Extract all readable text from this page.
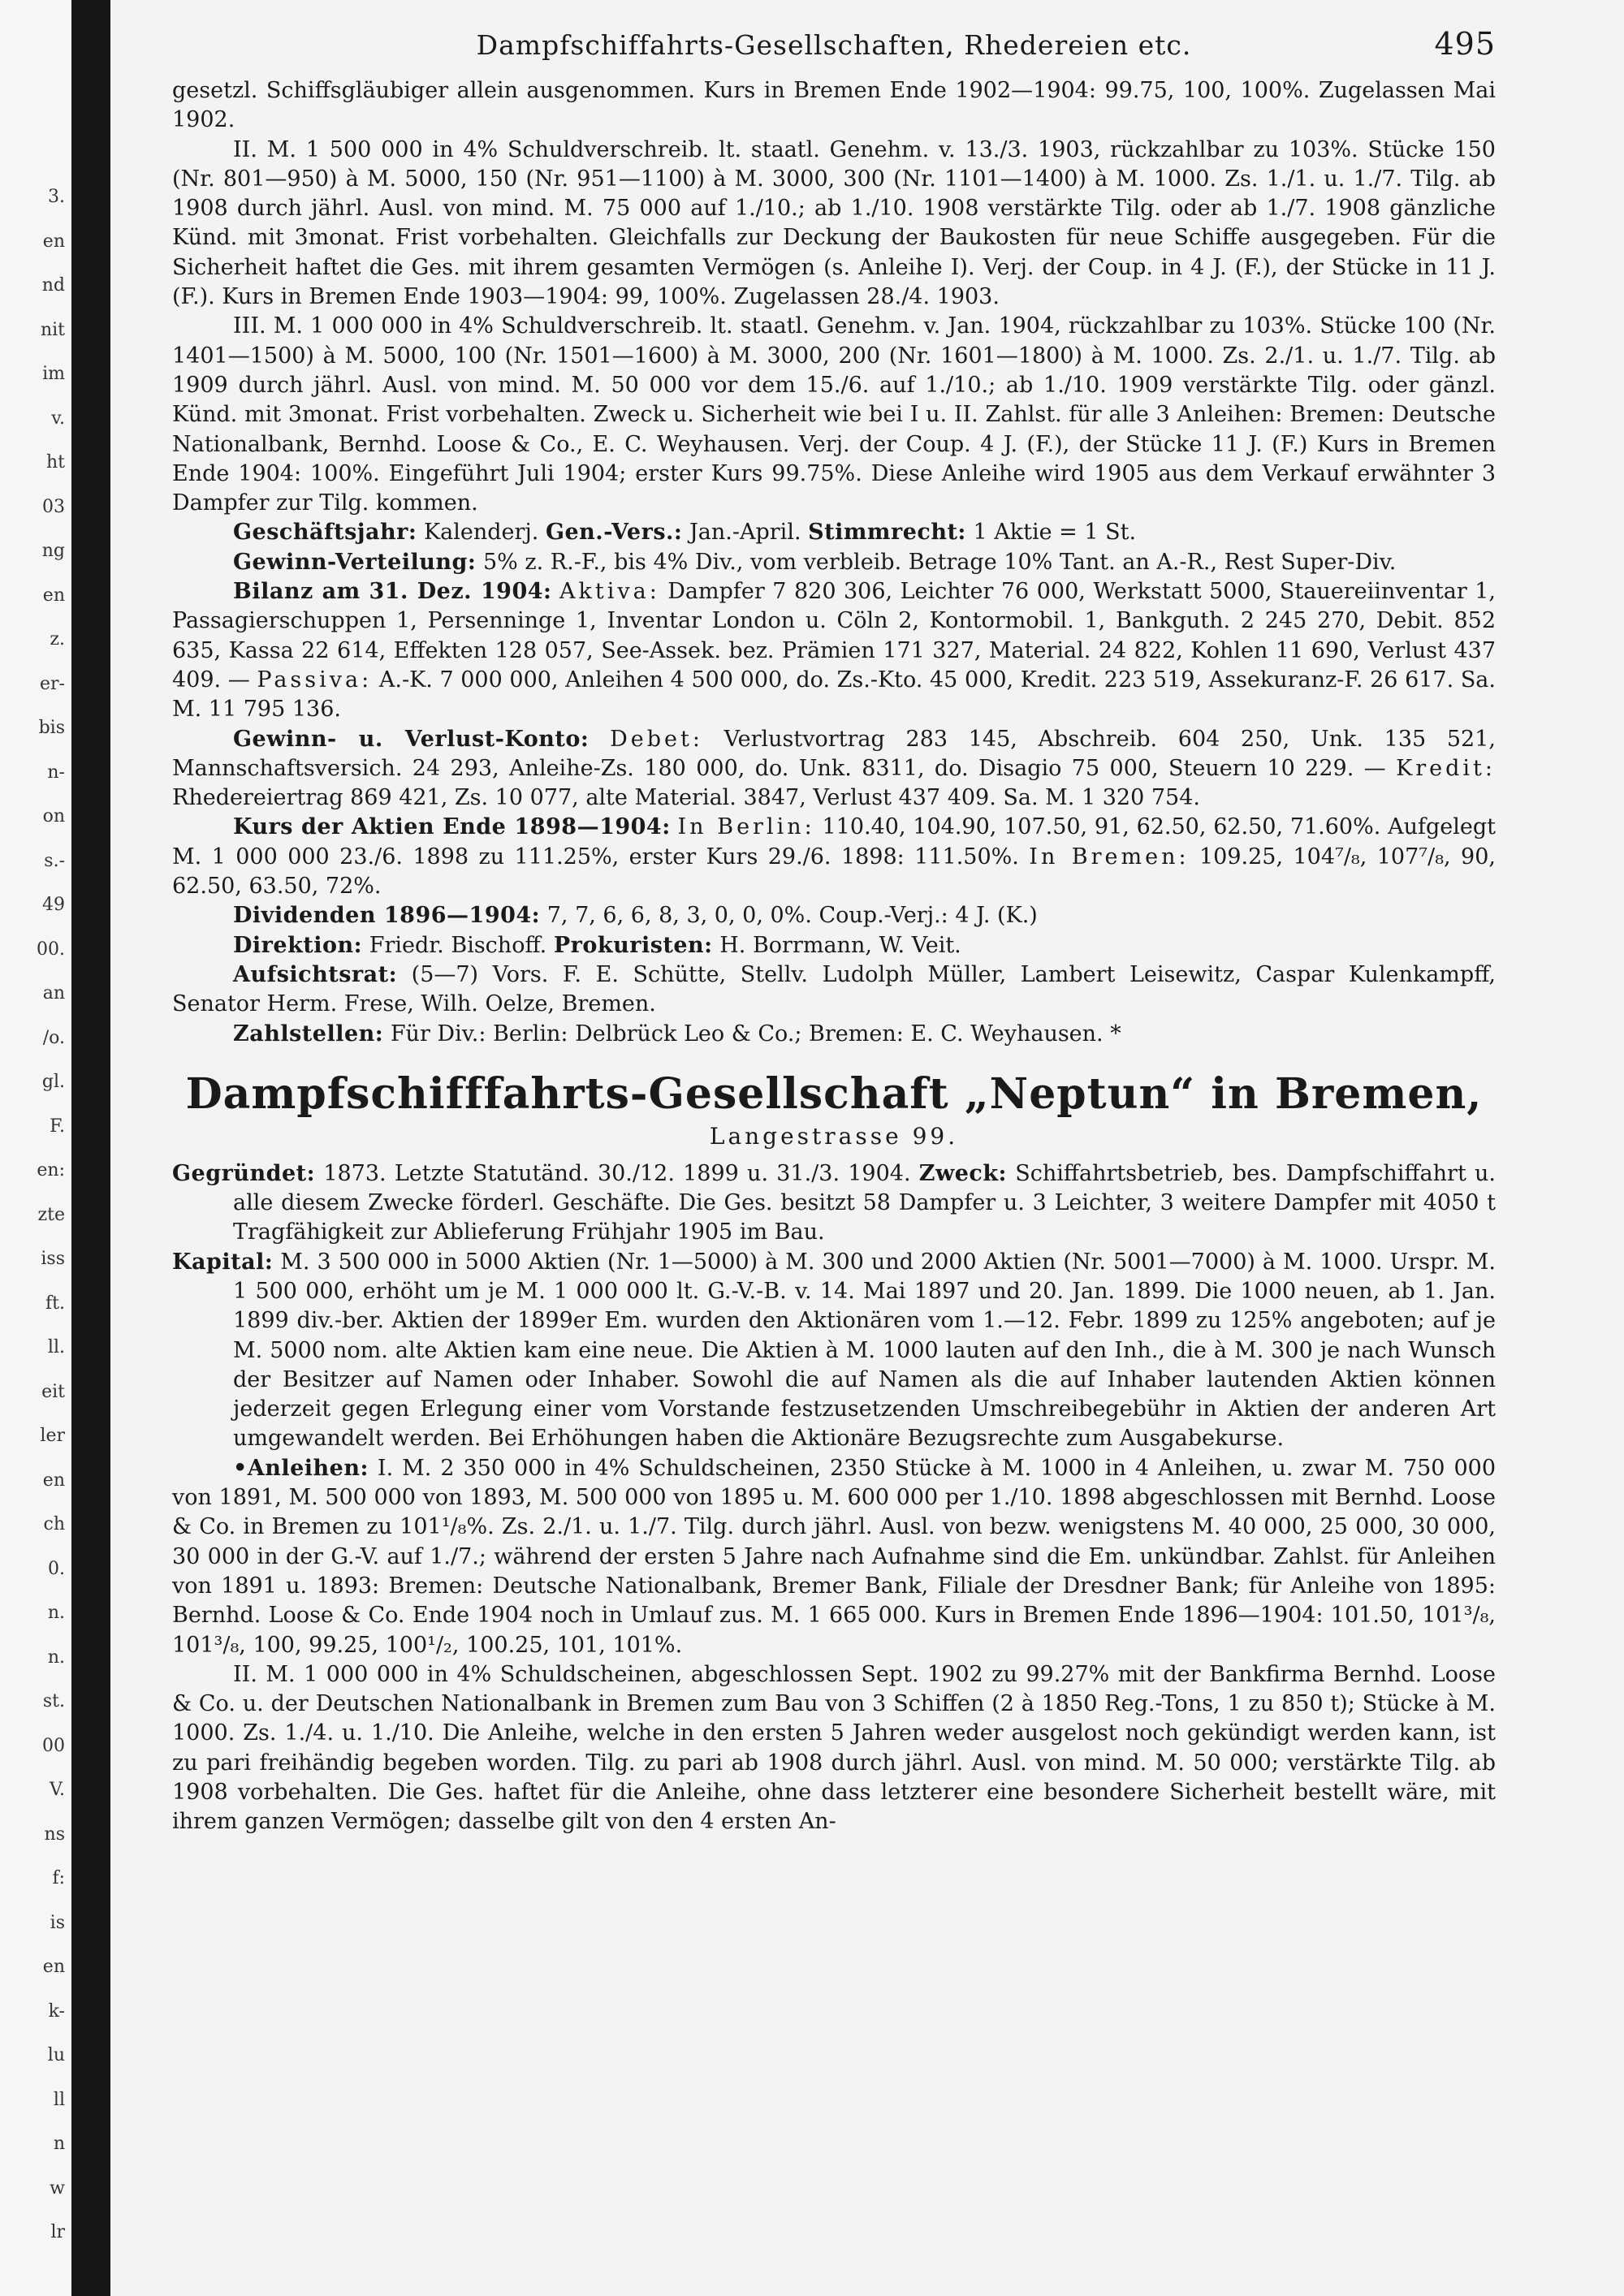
Dampfschiffahrts-Gesellschaften, Rhedereien etc.	495

gesetzl. Schiffsgläubiger allein ausgenommen. Kurs in Bremen Ende 1902—1904: 99.75, 100, 100%. Zugelassen Mai 1902.

II. M. 1 500 000 in 4% Schuldverschreib. lt. staatl. Genehm. v. 13./3. 1903, rückzahlbar zu 103%. Stücke 150 (Nr. 801—950) à M. 5000, 150 (Nr. 951—1100) à M. 3000, 300 (Nr. 1101—1400) à M. 1000. Zs. 1./1. u. 1./7. Tilg. ab 1908 durch jährl. Ausl. von mind. M. 75 000 auf 1./10.; ab 1./10. 1908 verstärkte Tilg. oder ab 1./7. 1908 gänzliche Künd. mit 3monat. Frist vorbehalten. Gleichfalls zur Deckung der Baukosten für neue Schiffe ausgegeben. Für die Sicherheit haftet die Ges. mit ihrem gesamten Vermögen (s. Anleihe I). Verj. der Coup. in 4 J. (F.), der Stücke in 11 J. (F.). Kurs in Bremen Ende 1903—1904: 99, 100%. Zugelassen 28./4. 1903.

III. M. 1 000 000 in 4% Schuldverschreib. lt. staatl. Genehm. v. Jan. 1904, rückzahlbar zu 103%. Stücke 100 (Nr. 1401—1500) à M. 5000, 100 (Nr. 1501—1600) à M. 3000, 200 (Nr. 1601—1800) à M. 1000. Zs. 2./1. u. 1./7. Tilg. ab 1909 durch jährl. Ausl. von mind. M. 50 000 vor dem 15./6. auf 1./10.; ab 1./10. 1909 verstärkte Tilg. oder gänzl. Künd. mit 3monat. Frist vorbehalten. Zweck u. Sicherheit wie bei I u. II. Zahlst. für alle 3 Anleihen: Bremen: Deutsche Nationalbank, Bernhd. Loose & Co., E. C. Weyhausen. Verj. der Coup. 4 J. (F.), der Stücke 11 J. (F.) Kurs in Bremen Ende 1904: 100%. Eingeführt Juli 1904; erster Kurs 99.75%. Diese Anleihe wird 1905 aus dem Verkauf erwähnter 3 Dampfer zur Tilg. kommen.

Geschäftsjahr: Kalenderj. Gen.-Vers.: Jan.-April. Stimmrecht: 1 Aktie = 1 St.

Gewinn-Verteilung: 5% z. R.-F., bis 4% Div., vom verbleib. Betrage 10% Tant. an A.-R., Rest Super-Div.

Bilanz am 31. Dez. 1904: Aktiva: Dampfer 7 820 306, Leichter 76 000, Werkstatt 5000, Stauereiinventar 1, Passagierschuppen 1, Persenninge 1, Inventar London u. Cöln 2, Kontormobil. 1, Bankguth. 2 245 270, Debit. 852 635, Kassa 22 614, Effekten 128 057, See-Assek. bez. Prämien 171 327, Material. 24 822, Kohlen 11 690, Verlust 437 409. — Passiva: A.-K. 7 000 000, Anleihen 4 500 000, do. Zs.-Kto. 45 000, Kredit. 223 519, Assekuranz-F. 26 617. Sa. M. 11 795 136.

Gewinn- u. Verlust-Konto: Debet: Verlustvortrag 283 145, Abschreib. 604 250, Unk. 135 521, Mannschaftsversich. 24 293, Anleihe-Zs. 180 000, do. Unk. 8311, do. Disagio 75 000, Steuern 10 229. — Kredit: Rhedereiertrag 869 421, Zs. 10 077, alte Material. 3847, Verlust 437 409. Sa. M. 1 320 754.

Kurs der Aktien Ende 1898—1904: In Berlin: 110.40, 104.90, 107.50, 91, 62.50, 62.50, 71.60%. Aufgelegt M. 1 000 000 23./6. 1898 zu 111.25%, erster Kurs 29./6. 1898: 111.50%. In Bremen: 109.25, 104⁷/₈, 107⁷/₈, 90, 62.50, 63.50, 72%.

Dividenden 1896—1904: 7, 7, 6, 6, 8, 3, 0, 0, 0%. Coup.-Verj.: 4 J. (K.)

Direktion: Friedr. Bischoff. Prokuristen: H. Borrmann, W. Veit.

Aufsichtsrat: (5—7) Vors. F. E. Schütte, Stellv. Ludolph Müller, Lambert Leisewitz, Caspar Kulenkampff, Senator Herm. Frese, Wilh. Oelze, Bremen.

Zahlstellen: Für Div.: Berlin: Delbrück Leo & Co.; Bremen: E. C. Weyhausen. *

Dampfschifffahrts-Gesellschaft „Neptun“ in Bremen,
Langestrasse 99.

Gegründet: 1873. Letzte Statutänd. 30./12. 1899 u. 31./3. 1904. Zweck: Schiffahrtsbetrieb, bes. Dampfschiffahrt u. alle diesem Zwecke förderl. Geschäfte. Die Ges. besitzt 58 Dampfer u. 3 Leichter, 3 weitere Dampfer mit 4050 t Tragfähigkeit zur Ablieferung Frühjahr 1905 im Bau.

Kapital: M. 3 500 000 in 5000 Aktien (Nr. 1—5000) à M. 300 und 2000 Aktien (Nr. 5001—7000) à M. 1000. Urspr. M. 1 500 000, erhöht um je M. 1 000 000 lt. G.-V.-B. v. 14. Mai 1897 und 20. Jan. 1899. Die 1000 neuen, ab 1. Jan. 1899 div.-ber. Aktien der 1899er Em. wurden den Aktionären vom 1.—12. Febr. 1899 zu 125% angeboten; auf je M. 5000 nom. alte Aktien kam eine neue. Die Aktien à M. 1000 lauten auf den Inh., die à M. 300 je nach Wunsch der Besitzer auf Namen oder Inhaber. Sowohl die auf Namen als die auf Inhaber lautenden Aktien können jederzeit gegen Erlegung einer vom Vorstande festzusetzenden Umschreibegebühr in Aktien der anderen Art umgewandelt werden. Bei Erhöhungen haben die Aktionäre Bezugsrechte zum Ausgabekurse.

•Anleihen: I. M. 2 350 000 in 4% Schuldscheinen, 2350 Stücke à M. 1000 in 4 Anleihen, u. zwar M. 750 000 von 1891, M. 500 000 von 1893, M. 500 000 von 1895 u. M. 600 000 per 1./10. 1898 abgeschlossen mit Bernhd. Loose & Co. in Bremen zu 101¹/₈%. Zs. 2./1. u. 1./7. Tilg. durch jährl. Ausl. von bezw. wenigstens M. 40 000, 25 000, 30 000, 30 000 in der G.-V. auf 1./7.; während der ersten 5 Jahre nach Aufnahme sind die Em. unkündbar. Zahlst. für Anleihen von 1891 u. 1893: Bremen: Deutsche Nationalbank, Bremer Bank, Filiale der Dresdner Bank; für Anleihe von 1895: Bernhd. Loose & Co. Ende 1904 noch in Umlauf zus. M. 1 665 000. Kurs in Bremen Ende 1896—1904: 101.50, 101³/₈, 101³/₈, 100, 99.25, 100¹/₂, 100.25, 101, 101%.

II. M. 1 000 000 in 4% Schuldscheinen, abgeschlossen Sept. 1902 zu 99.27% mit der Bankfirma Bernhd. Loose & Co. u. der Deutschen Nationalbank in Bremen zum Bau von 3 Schiffen (2 à 1850 Reg.-Tons, 1 zu 850 t); Stücke à M. 1000. Zs. 1./4. u. 1./10. Die Anleihe, welche in den ersten 5 Jahren weder ausgelost noch gekündigt werden kann, ist zu pari freihändig begeben worden. Tilg. zu pari ab 1908 durch jährl. Ausl. von mind. M. 50 000; verstärkte Tilg. ab 1908 vorbehalten. Die Ges. haftet für die Anleihe, ohne dass letzterer eine besondere Sicherheit bestellt wäre, mit ihrem ganzen Vermögen; dasselbe gilt von den 4 ersten An-

3.
en
nd
nit
im
v.
ht
03
ng
en
z.
er-
bis
n-
on
s.-
49
00.
an
/o.
gl.
F.
en:
zte
iss
ft.
ll.
eit
ler
en
ch
0.
n.
n.
st.
00
V.
ns
f:
is
en
k-
lu
ll
n
w
lr
